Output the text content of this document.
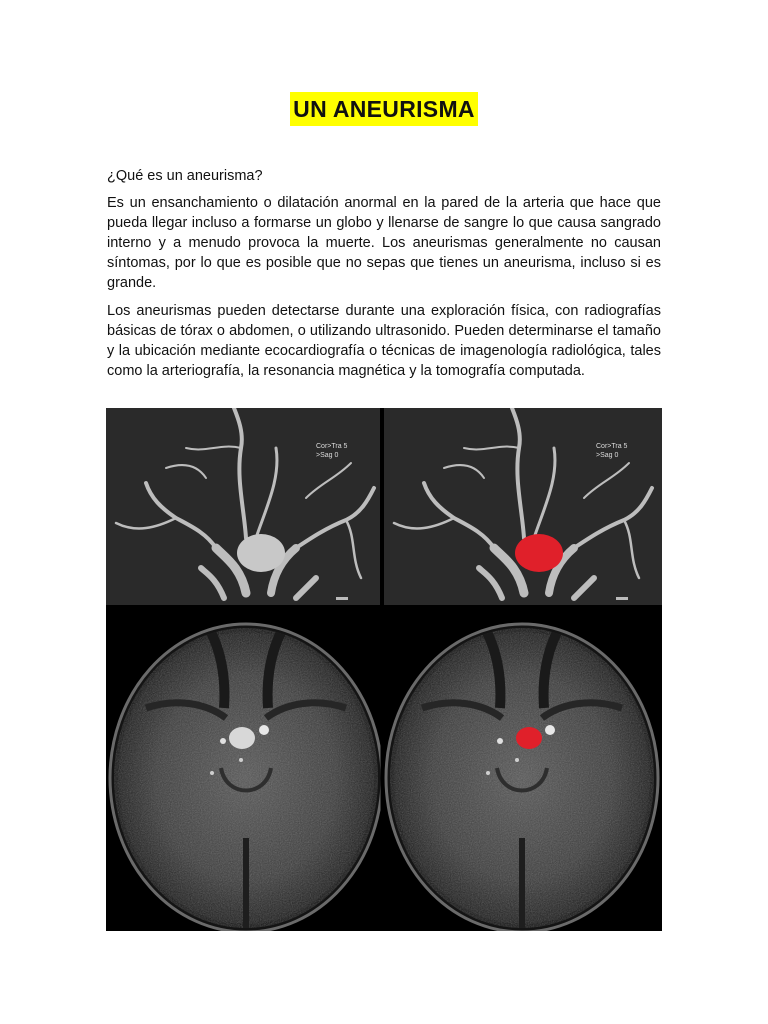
UN ANEURISMA

¿Qué es un aneurisma?

Es un ensanchamiento o dilatación anormal en la pared de la arteria que hace que pueda llegar incluso a formarse un globo y llenarse de sangre lo que causa sangrado interno y a menudo provoca la muerte. Los aneurismas generalmente no causan síntomas, por lo que es posible que no sepas que tienes un aneurisma, incluso si es grande.

Los aneurismas pueden detectarse durante una exploración física, con radiografías básicas de tórax o abdomen, o utilizando ultrasonido. Pueden determinarse el tamaño y la ubicación mediante ecocardiografía o técnicas de imagenología radiológica, tales como la arteriografía, la resonancia magnética y la tomografía computada.

Cor>Tra 5
>Sag 0
Cor>Tra 5
>Sag 0
